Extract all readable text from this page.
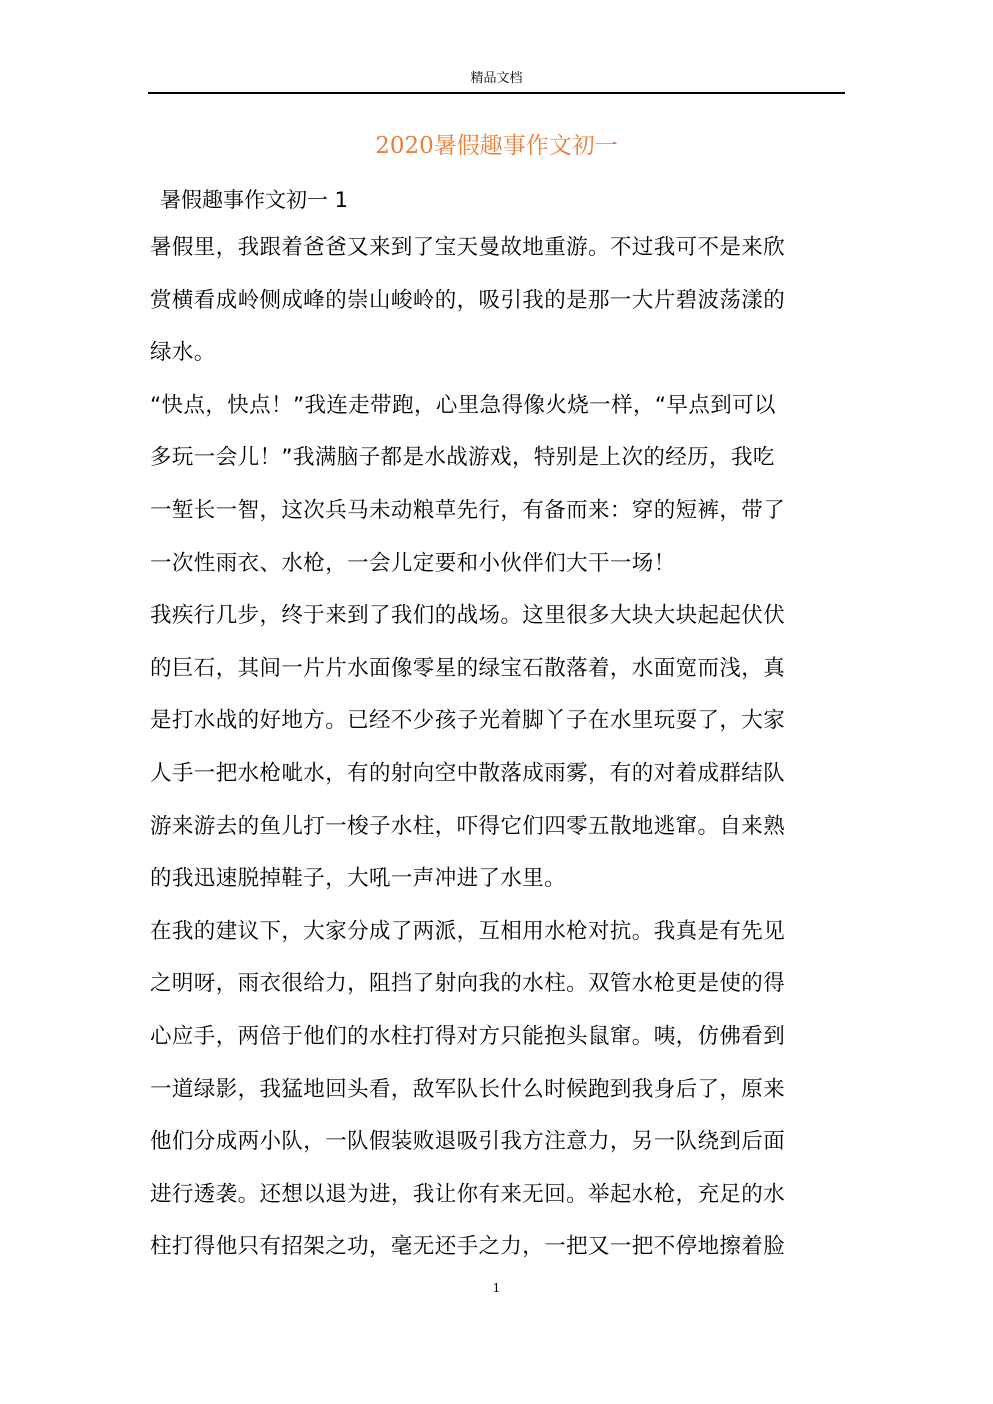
精品文档
2020暑假趣事作文初一
暑假趣事作文初一 1
暑假里，我跟着爸爸又来到了宝天曼故地重游。不过我可不是来欣
赏横看成岭侧成峰的崇山峻岭的，吸引我的是那一大片碧波荡漾的
绿水。
“快点，快点！”我连走带跑，心里急得像火烧一样，“早点到可以
多玩一会儿！”我满脑子都是水战游戏，特别是上次的经历，我吃
一堑长一智，这次兵马未动粮草先行，有备而来：穿的短裤，带了
一次性雨衣、水枪，一会儿定要和小伙伴们大干一场！
我疾行几步，终于来到了我们的战场。这里很多大块大块起起伏伏
的巨石，其间一片片水面像零星的绿宝石散落着，水面宽而浅，真
是打水战的好地方。已经不少孩子光着脚丫子在水里玩耍了，大家
人手一把水枪呲水，有的射向空中散落成雨雾，有的对着成群结队
游来游去的鱼儿打一梭子水柱，吓得它们四零五散地逃窜。自来熟
的我迅速脱掉鞋子，大吼一声冲进了水里。
在我的建议下，大家分成了两派，互相用水枪对抗。我真是有先见
之明呀，雨衣很给力，阻挡了射向我的水柱。双管水枪更是使的得
心应手，两倍于他们的水柱打得对方只能抱头鼠窜。咦，仿佛看到
一道绿影，我猛地回头看，敌军队长什么时候跑到我身后了，原来
他们分成两小队，一队假装败退吸引我方注意力，另一队绕到后面
进行透袭。还想以退为进，我让你有来无回。举起水枪，充足的水
柱打得他只有招架之功，毫无还手之力，一把又一把不停地擦着脸
1
